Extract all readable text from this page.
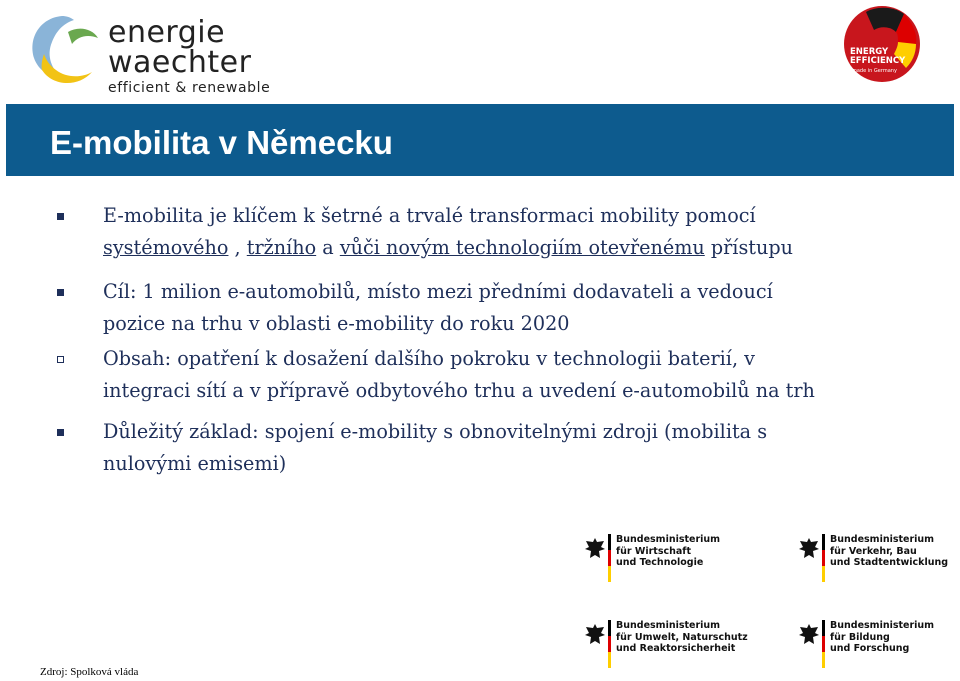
energie
waechter
efficient & renewable
ENERGY
EFFICIENCY
made in Germany
E-mobilita v Německu
E-mobilita je klíčem k šetrné a trvalé transformaci mobility pomocí
systémového , tržního a vůči novým technologiím otevřenému přístupu
Cíl: 1 milion e-automobilů, místo mezi předními dodavateli a vedoucí
pozice na trhu v oblasti e-mobility do roku 2020
Obsah: opatření k dosažení dalšího pokroku v technologii baterií, v
integraci sítí a v přípravě odbytového trhu a uvedení e-automobilů na trh
Důležitý základ: spojení e-mobility s obnovitelnými zdroji (mobilita s
nulovými emisemi)
Bundesministerium
für Wirtschaft
und Technologie
Bundesministerium
für Verkehr, Bau
und Stadtentwicklung
Bundesministerium
für Umwelt, Naturschutz
und Reaktorsicherheit
Bundesministerium
für Bildung
und Forschung
Zdroj: Spolková vláda
